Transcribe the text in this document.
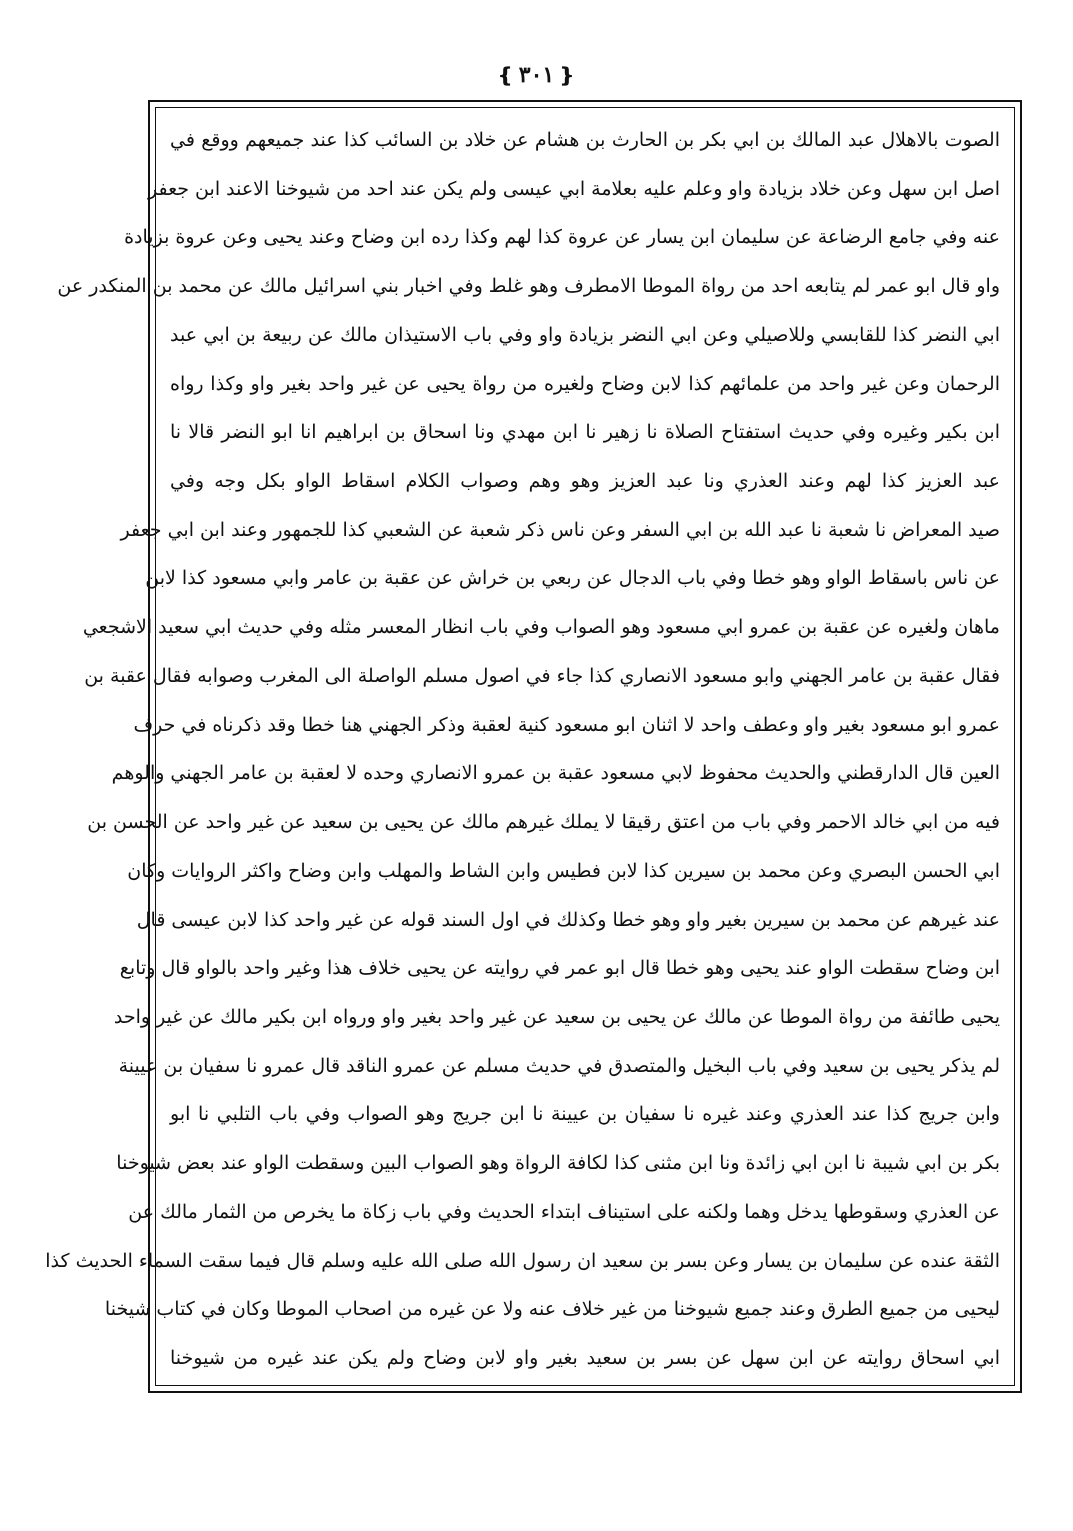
❴٣٠١❵
الصوت بالاهلال عبد المالك بن ابي بكر بن الحارث بن هشام عن خلاد بن السائب كذا عند جميعهم ووقع في
اصل ابن سهل وعن خلاد بزيادة واو وعلم عليه بعلامة ابي عيسى ولم يكن عند احد من شيوخنا الاعند ابن جعفر
عنه وفي جامع الرضاعة عن سليمان ابن يسار عن عروة كذا لهم وكذا رده ابن وضاح وعند يحيى وعن عروة بزيادة
واو قال ابو عمر لم يتابعه احد من رواة الموطا الامطرف وهو غلط وفي اخبار بني اسرائيل مالك عن محمد بن المنكدر عن
ابي النضر كذا للقابسي وللاصيلي وعن ابي النضر بزيادة واو وفي باب الاستيذان مالك عن ربيعة بن ابي عبد
الرحمان وعن غير واحد من علمائهم كذا لابن وضاح ولغيره من رواة يحيى عن غير واحد بغير واو وكذا رواه
ابن بكير وغيره وفي حديث استفتاح الصلاة نا زهير نا ابن مهدي ونا اسحاق بن ابراهيم انا ابو النضر قالا نا
عبد العزيز كذا لهم وعند العذري ونا عبد العزيز وهو وهم وصواب الكلام اسقاط الواو بكل وجه وفي
صيد المعراض نا شعبة نا عبد الله بن ابي السفر وعن ناس ذكر شعبة عن الشعبي كذا للجمهور وعند ابن ابي جعفر
عن ناس باسقاط الواو وهو خطا وفي باب الدجال عن ربعي بن خراش عن عقبة بن عامر وابي مسعود كذا لابن
ماهان ولغيره عن عقبة بن عمرو ابي مسعود وهو الصواب وفي باب انظار المعسر مثله وفي حديث ابي سعيد الاشجعي
فقال عقبة بن عامر الجهني وابو مسعود الانصاري كذا جاء في اصول مسلم الواصلة الى المغرب وصوابه فقال عقبة بن
عمرو ابو مسعود بغير واو وعطف واحد لا اثنان ابو مسعود كنية لعقبة وذكر الجهني هنا خطا وقد ذكرناه في حرف
العين قال الدارقطني والحديث محفوظ لابي مسعود عقبة بن عمرو الانصاري وحده لا لعقبة بن عامر الجهني والوهم
فيه من ابي خالد الاحمر وفي باب من اعتق رقيقا لا يملك غيرهم مالك عن يحيى بن سعيد عن غير واحد عن الحسن بن
ابي الحسن البصري وعن محمد بن سيرين كذا لابن فطيس وابن الشاط والمهلب وابن وضاح واكثر الروايات وكان
عند غيرهم عن محمد بن سيرين بغير واو وهو خطا وكذلك في اول السند قوله عن غير واحد كذا لابن عيسى قال
ابن وضاح سقطت الواو عند يحيى وهو خطا قال ابو عمر في روايته عن يحيى خلاف هذا وغير واحد بالواو قال وتابع
يحيى طائفة من رواة الموطا عن مالك عن يحيى بن سعيد عن غير واحد بغير واو ورواه ابن بكير مالك عن غير واحد
لم يذكر يحيى بن سعيد وفي باب البخيل والمتصدق في حديث مسلم عن عمرو الناقد قال عمرو نا سفيان بن عيينة
وابن جريج كذا عند العذري وعند غيره نا سفيان بن عيينة نا ابن جريج وهو الصواب وفي باب التلبي نا ابو
بكر بن ابي شيبة نا ابن ابي زائدة ونا ابن مثنى كذا لكافة الرواة وهو الصواب البين وسقطت الواو عند بعض شيوخنا
عن العذري وسقوطها يدخل وهما ولكنه على استيناف ابتداء الحديث وفي باب زكاة ما يخرص من الثمار مالك عن
الثقة عنده عن سليمان بن يسار وعن بسر بن سعيد ان رسول الله صلى الله عليه وسلم قال فيما سقت السماء الحديث كذا
ليحيى من جميع الطرق وعند جميع شيوخنا من غير خلاف عنه ولا عن غيره من اصحاب الموطا وكان في كتاب شيخنا
ابي اسحاق روايته عن ابن سهل عن بسر بن سعيد بغير واو لابن وضاح ولم يكن عند غيره من شيوخنا
